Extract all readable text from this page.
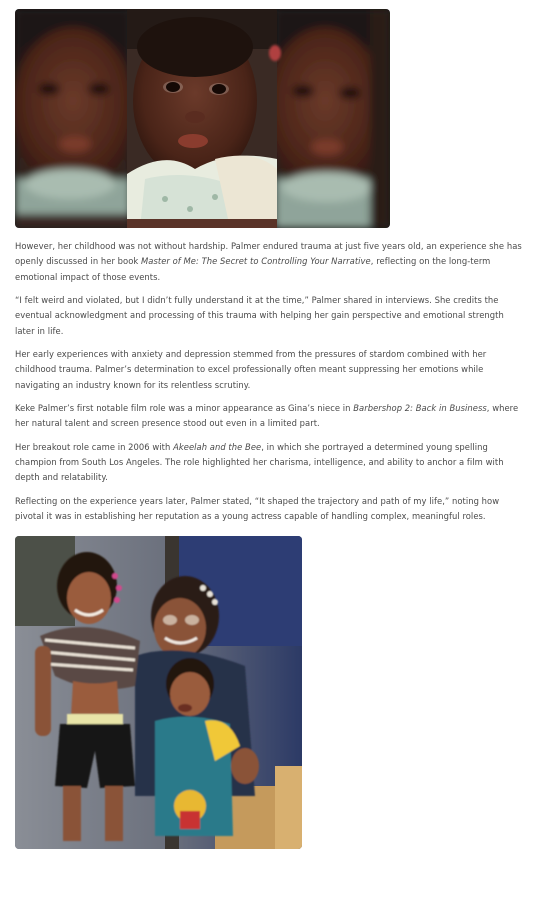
However, her childhood was not without hardship. Palmer endured trauma at just five years old, an experience she has openly discussed in her book Master of Me: The Secret to Controlling Your Narrative, reflecting on the long-term emotional impact of those events.

“I felt weird and violated, but I didn’t fully understand it at the time,” Palmer shared in interviews. She credits the eventual acknowledgment and processing of this trauma with helping her gain perspective and emotional strength later in life.

Her early experiences with anxiety and depression stemmed from the pressures of stardom combined with her childhood trauma. Palmer’s determination to excel professionally often meant suppressing her emotions while navigating an industry known for its relentless scrutiny.

Keke Palmer’s first notable film role was a minor appearance as Gina’s niece in Barbershop 2: Back in Business, where her natural talent and screen presence stood out even in a limited part.

Her breakout role came in 2006 with Akeelah and the Bee, in which she portrayed a determined young spelling champion from South Los Angeles. The role highlighted her charisma, intelligence, and ability to anchor a film with depth and relatability.

Reflecting on the experience years later, Palmer stated, “It shaped the trajectory and path of my life,” noting how pivotal it was in establishing her reputation as a young actress capable of handling complex, meaningful roles.
